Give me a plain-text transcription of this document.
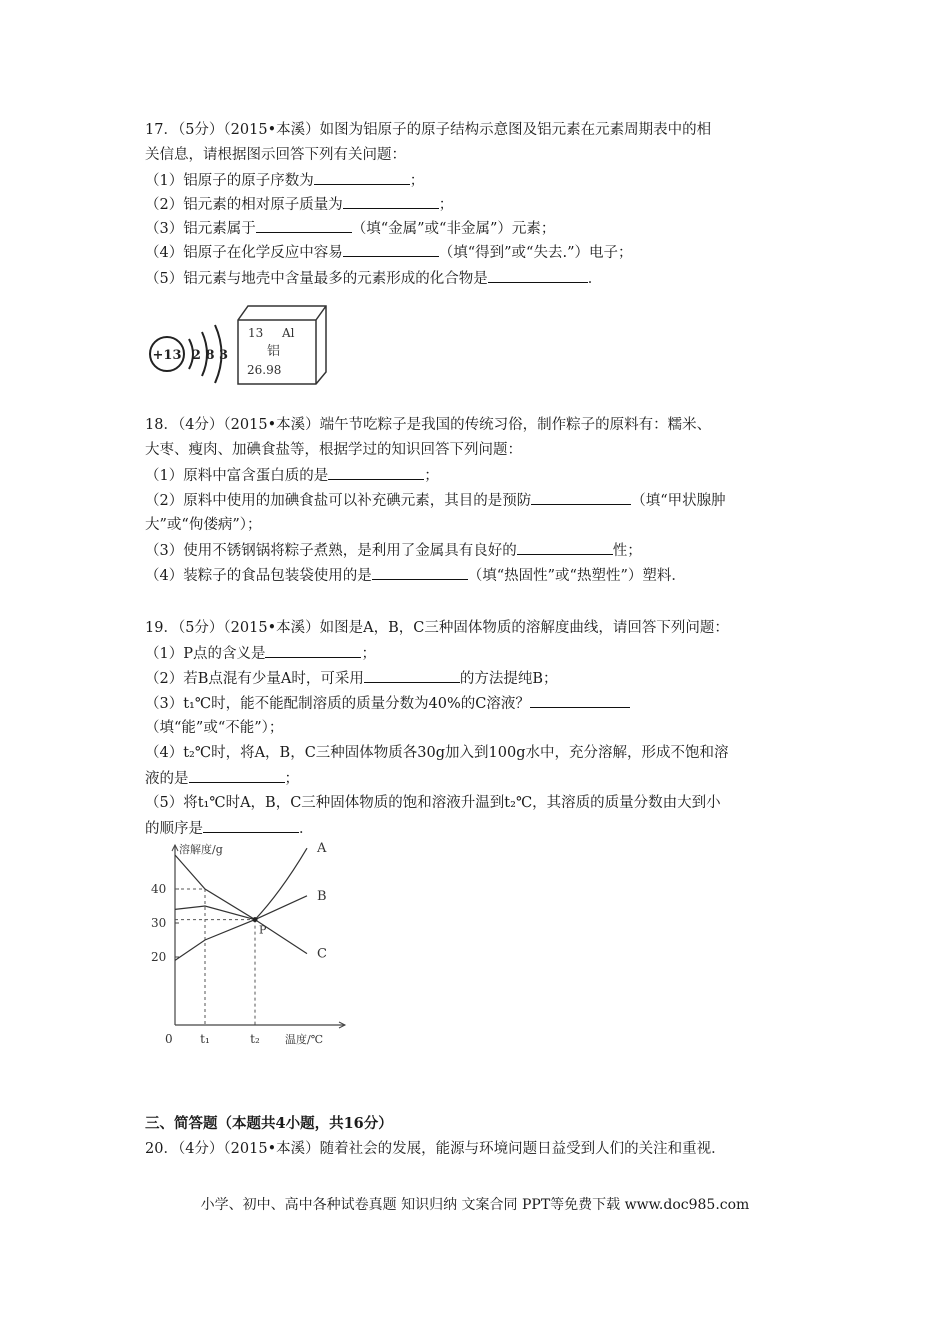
17．（5分）（2015•本溪）如图为铝原子的原子结构示意图及铝元素在元素周期表中的相
关信息，请根据图示回答下列有关问题：
（1）铝原子的原子序数为	；
（2）铝元素的相对原子质量为	；
（3）铝元素属于	（填“金属”或“非金属”）元素；
（4）铝原子在化学反应中容易	（填“得到”或“失去.”）电子；
（5）铝元素与地壳中含量最多的元素形成的化合物是	．
+13 2 8 3
13 Al
铝
26.98
18．（4分）（2015•本溪）端午节吃粽子是我国的传统习俗，制作粽子的原料有：糯米、
大枣、瘦肉、加碘食盐等，根据学过的知识回答下列问题：
（1）原料中富含蛋白质的是	；
（2）原料中使用的加碘食盐可以补充碘元素，其目的是预防	（填“甲状腺肿
大”或“佝偻病”）；
（3）使用不锈钢锅将粽子煮熟，是利用了金属具有良好的	性；
（4）装粽子的食品包装袋使用的是	（填“热固性”或“热塑性”）塑料．
19．（5分）（2015•本溪）如图是A，B，C三种固体物质的溶解度曲线，请回答下列问题：
（1）P点的含义是	；
（2）若B点混有少量A时，可采用	的方法提纯B；
（3）t₁℃时，能不能配制溶质的质量分数为40%的C溶液？
（填“能”或“不能”）；
（4）t₂℃时，将A，B，C三种固体物质各30g加入到100g水中，充分溶解，形成不饱和溶
液的是	；
（5）将t₁℃时A，B，C三种固体物质的饱和溶液升温到t₂℃，其溶质的质量分数由大到小
的顺序是	．
溶解度/g
温度/℃
0
20
30
40
t₁	t₂
A
B
C
P
三、简答题（本题共4小题，共16分）
20．（4分）（2015•本溪）随着社会的发展，能源与环境问题日益受到人们的关注和重视．
小学、初中、高中各种试卷真题 知识归纳 文案合同 PPT等免费下载 www.doc985.com
